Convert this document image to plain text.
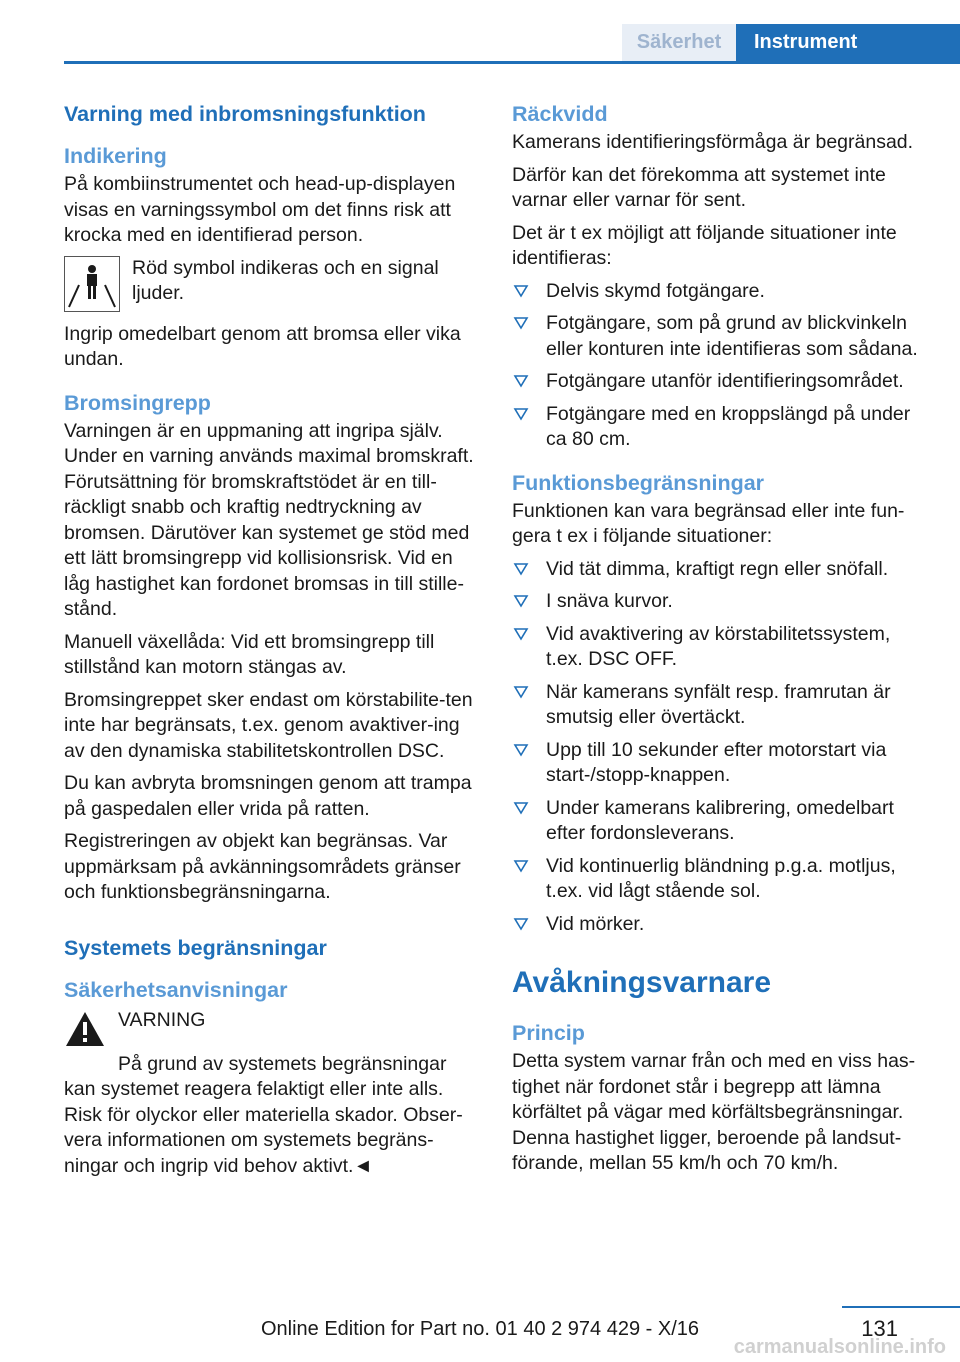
Säkerhet	Instrument
Varning med inbromsningsfunktion
Indikering

På kombiinstrumentet och head-up-displayen visas en varningssymbol om det finns risk att krocka med en identifierad person.

Röd symbol indikeras och en signal ljuder.

Ingrip omedelbart genom att bromsa eller vika undan.

Bromsingrepp

Varningen är en uppmaning att ingripa själv. Under en varning används maximal bromskraft. Förutsättning för bromskraftstödet är en till-räckligt snabb och kraftig nedtryckning av bromsen. Därutöver kan systemet ge stöd med ett lätt bromsingrepp vid kollisionsrisk. Vid en låg hastighet kan fordonet bromsas in till stille-stånd.

Manuell växellåda: Vid ett bromsingrepp till stillstånd kan motorn stängas av.

Bromsingreppet sker endast om körstabilite-ten inte har begränsats, t.ex. genom avaktiver-ing av den dynamiska stabilitetskontrollen DSC.

Du kan avbryta bromsningen genom att trampa på gaspedalen eller vrida på ratten.

Registreringen av objekt kan begränsas. Var uppmärksam på avkänningsområdets gränser och funktionsbegränsningarna.

Systemets begränsningar
Säkerhetsanvisningar
VARNING

På grund av systemets begränsningar kan systemet reagera felaktigt eller inte alls. Risk för olyckor eller materiella skador. Obser-vera informationen om systemets begräns-ningar och ingrip vid behov aktivt.◄

Räckvidd

Kamerans identifieringsförmåga är begränsad.

Därför kan det förekomma att systemet inte varnar eller varnar för sent.

Det är t ex möjligt att följande situationer inte identifieras:

Delvis skymd fotgängare.
Fotgängare, som på grund av blickvinkeln eller konturen inte identifieras som sådana.
Fotgängare utanför identifieringsområdet.
Fotgängare med en kroppslängd på under ca 80 cm.
Funktionsbegränsningar

Funktionen kan vara begränsad eller inte fun-gera t ex i följande situationer:

Vid tät dimma, kraftigt regn eller snöfall.
I snäva kurvor.
Vid avaktivering av körstabilitetssystem, t.ex. DSC OFF.
När kamerans synfält resp. framrutan är smutsig eller övertäckt.
Upp till 10 sekunder efter motorstart via start-/stopp-knappen.
Under kamerans kalibrering, omedelbart efter fordonsleverans.
Vid kontinuerlig bländning p.g.a. motljus, t.ex. vid lågt stående sol.
Vid mörker.
Avåkningsvarnare
Princip

Detta system varnar från och med en viss has-tighet när fordonet står i begrepp att lämna körfältet på vägar med körfältsbegränsningar. Denna hastighet ligger, beroende på landsut-förande, mellan 55 km/h och 70 km/h.

131
Online Edition for Part no. 01 40 2 974 429 - X/16
carmanualsonline.info
